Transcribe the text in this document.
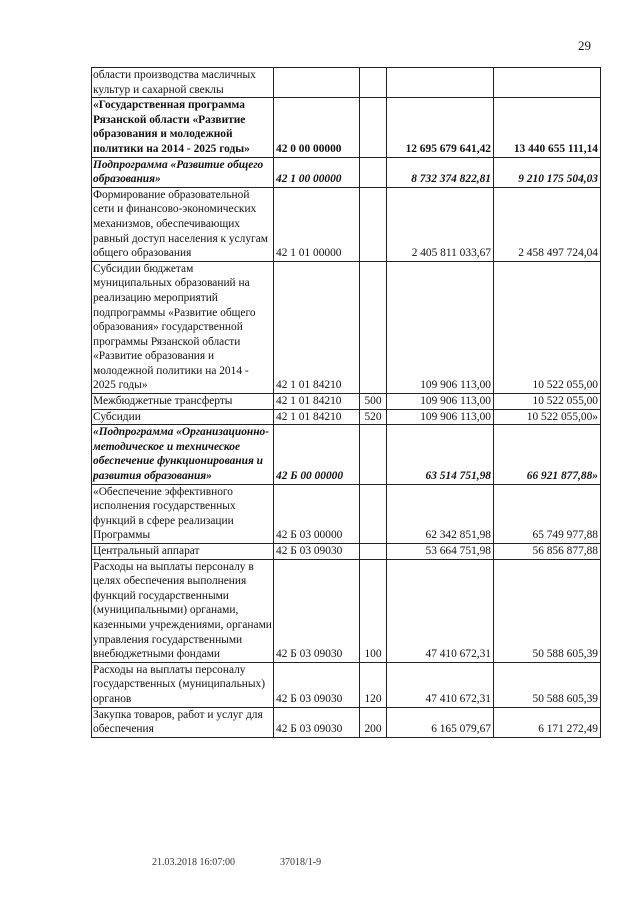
29
области производства масличных культур и сахарной свеклы				
«Государственная программа Рязанской области «Развитие образования и молодежной политики на 2014 - 2025 годы»	42 0 00 00000		12 695 679 641,42	13 440 655 111,14
Подпрограмма «Развитие общего образования»	42 1 00 00000		8 732 374 822,81	9 210 175 504,03
Формирование образовательной сети и финансово-экономических механизмов, обеспечивающих равный доступ населения к услугам общего образования	42 1 01 00000		2 405 811 033,67	2 458 497 724,04
Субсидии бюджетам муниципальных образований на реализацию мероприятий подпрограммы «Развитие общего образования» государственной программы Рязанской области «Развитие образования и молодежной политики на 2014 - 2025 годы»	42 1 01 84210		109 906 113,00	10 522 055,00
Межбюджетные трансферты	42 1 01 84210	500	109 906 113,00	10 522 055,00
Субсидии	42 1 01 84210	520	109 906 113,00	10 522 055,00»
«Подпрограмма «Организационно-методическое и техническое обеспечение функционирования и развития образования»	42 Б 00 00000		63 514 751,98	66 921 877,88»
«Обеспечение эффективного исполнения государственных функций в сфере реализации Программы	42 Б 03 00000		62 342 851,98	65 749 977,88
Центральный аппарат	42 Б 03 09030		53 664 751,98	56 856 877,88
Расходы на выплаты персоналу в целях обеспечения выполнения функций государственными (муниципальными) органами, казенными учреждениями, органами управления государственными внебюджетными фондами	42 Б 03 09030	100	47 410 672,31	50 588 605,39
Расходы на выплаты персоналу государственных (муниципальных) органов	42 Б 03 09030	120	47 410 672,31	50 588 605,39
Закупка товаров, работ и услуг для обеспечения	42 Б 03 09030	200	6 165 079,67	6 171 272,49
21.03.2018 16:07:00	37018/1-9
